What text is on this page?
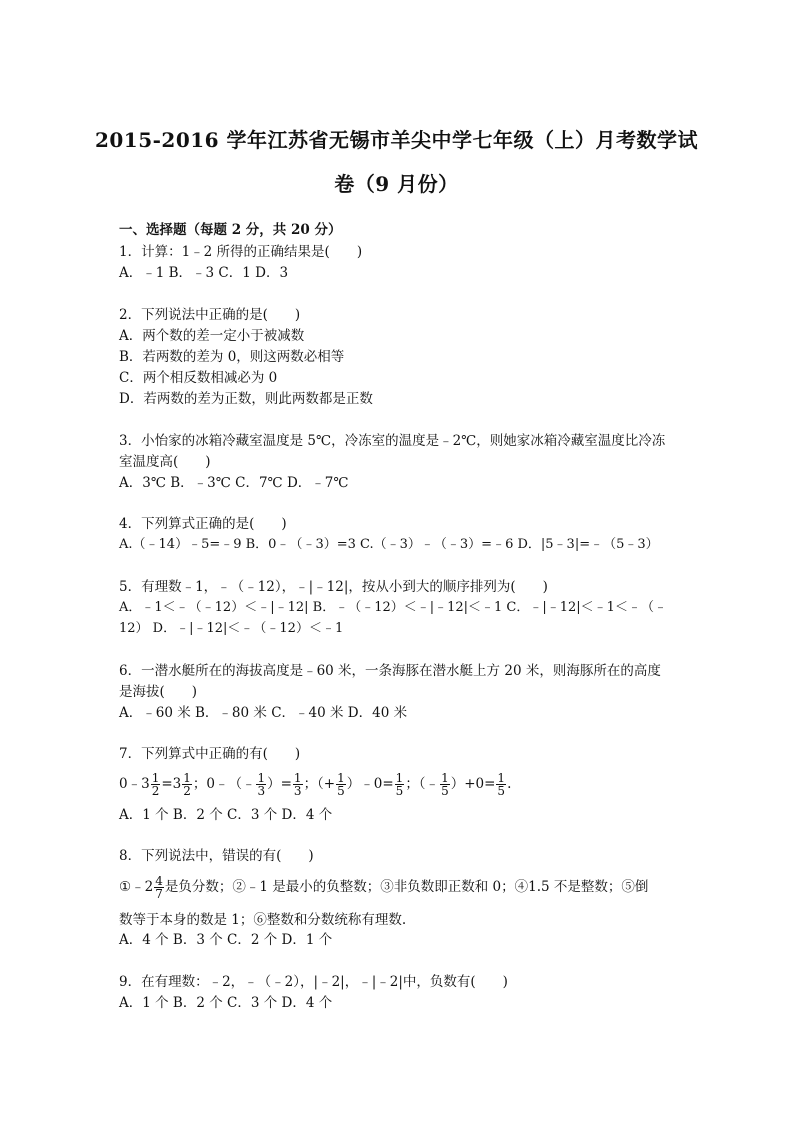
2015-2016 学年江苏省无锡市羊尖中学七年级（上）月考数学试
卷（9 月份）
一、选择题（每题 2 分，共 20 分）
1．计算：1﹣2 所得的正确结果是(　　)
A．﹣1 B．﹣3 C．1 D．3
2．下列说法中正确的是(　　)
A．两个数的差一定小于被减数
B．若两数的差为 0，则这两数必相等
C．两个相反数相减必为 0
D．若两数的差为正数，则此两数都是正数
3．小怡家的冰箱冷藏室温度是 5℃，冷冻室的温度是﹣2℃，则她家冰箱冷藏室温度比冷冻
室温度高(　　)
A．3℃ B．﹣3℃ C．7℃ D．﹣7℃
4．下列算式正确的是(　　)
A.（﹣14）﹣5=﹣9 B．0﹣（﹣3）=3 C.（﹣3）﹣（﹣3）=﹣6 D．|5﹣3|=﹣（5﹣3）
5．有理数﹣1，﹣（﹣12），﹣|﹣12|，按从小到大的顺序排列为(　　)
A．﹣1＜﹣（﹣12）＜﹣|﹣12| B．﹣（﹣12）＜﹣|﹣12|＜﹣1 C．﹣|﹣12|＜﹣1＜﹣（﹣
12） D．﹣|﹣12|＜﹣（﹣12）＜﹣1
6．一潜水艇所在的海拔高度是﹣60 米，一条海豚在潜水艇上方 20 米，则海豚所在的高度
是海拔(　　)
A．﹣60 米 B．﹣80 米 C．﹣40 米 D．40 米
7．下列算式中正确的有(　　)
0﹣3 $\frac{1}{2} =3 \frac{1}{2}$ ；0﹣（﹣ $\frac{1}{3}$ ）= $\frac{1}{3}$ ；（+ $\frac{1}{5}$ ）﹣0= $\frac{1}{5}$ ；（﹣ $\frac{1}{5} )+0= \frac{1}{5}$ .
A．1 个 B．2 个 C．3 个 D．4 个
8．下列说法中，错误的有(　　)
①﹣2 $\frac{4}{7}$ 是负分数；②﹣1 是最小的负整数；③非负数即正数和 0；④1.5 不是整数；⑤倒
数等于本身的数是 1；⑥整数和分数统称有理数.
A．4 个 B．3 个 C．2 个 D．1 个
9．在有理数：﹣2，﹣（﹣2），|﹣2|，﹣|﹣2|中，负数有(　　)
A．1 个 B．2 个 C．3 个 D．4 个
